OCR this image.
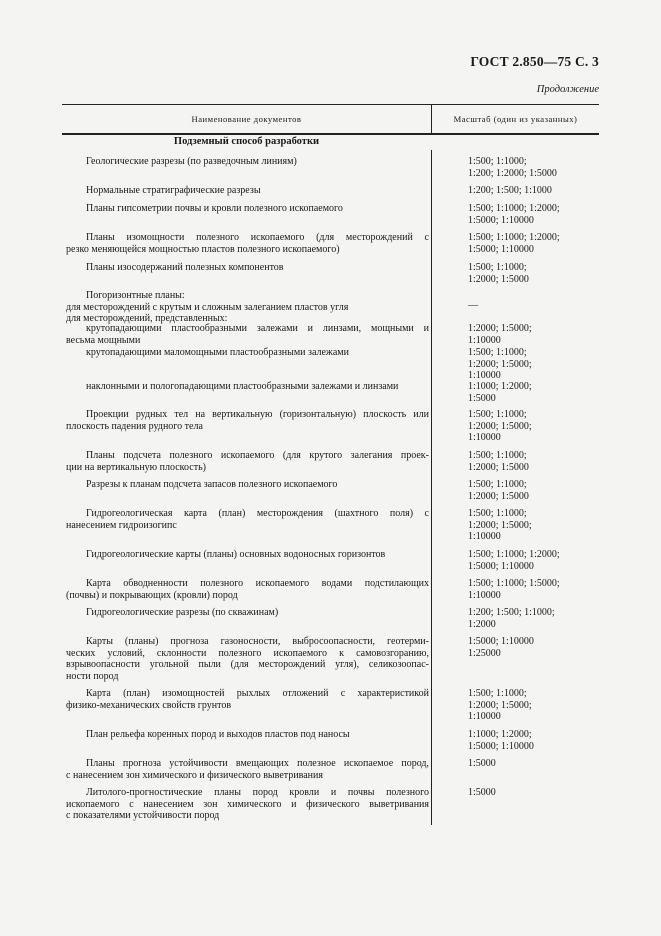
ГОСТ 2.850—75 С. 3
Продолжение
Наименование документов	Масштаб (один из указанных)
Подземный способ разработки
Геологические разрезы (по разведочным линиям)	1:500; 1:1000;
1:200; 1:2000; 1:5000
Нормальные стратиграфические разрезы	1:200; 1:500; 1:1000
Планы гипсометрии почвы и кровли полезного ископаемого	1:500; 1:1000; 1:2000;
1:5000; 1:10000
Планы изомощности полезного ископаемого (для месторождений с
резко меняющейся мощностью пластов полезного ископаемого)
1:500; 1:1000; 1:2000;
1:5000; 1:10000
Планы изосодержаний полезных компонентов	1:500; 1:1000;
1:2000; 1:5000
Погоризонтные планы:
для месторождений с крутым и сложным залеганием пластов угля
для месторождений, представленных:
—
крутопадающими пластообразными залежами и линзами, мощными и
весьма мощными
1:2000; 1:5000;
1:10000
крутопадающими маломощными пластообразными залежами	1:500; 1:1000;
1:2000; 1:5000;
1:10000
наклонными и пологопадающими пластообразными залежами и линзами	1:1000; 1:2000;
1:5000
Проекции рудных тел на вертикальную (горизонтальную) плоскость или
плоскость падения рудного тела
1:500; 1:1000;
1:2000; 1:5000;
1:10000
Планы подсчета полезного ископаемого (для крутого залегания проек-
ции на вертикальную плоскость)
1:500; 1:1000;
1:2000; 1:5000
Разрезы к планам подсчета запасов полезного ископаемого	1:500; 1:1000;
1:2000; 1:5000
Гидрогеологическая карта (план) месторождения (шахтного поля) с
нанесением гидроизогипс
1:500; 1:1000;
1:2000; 1:5000;
1:10000
Гидрогеологические карты (планы) основных водоносных горизонтов	1:500; 1:1000; 1:2000;
1:5000; 1:10000
Карта обводненности полезного ископаемого водами подстилающих
(почвы) и покрывающих (кровли) пород
1:500; 1:1000; 1:5000;
1:10000
Гидрогеологические разрезы (по скважинам)	1:200; 1:500; 1:1000;
1:2000
Карты (планы) прогноза газоносности, выбросоопасности, геотерми-
ческих условий, склонности полезного ископаемого к самовозгоранию,
взрывоопасности угольной пыли (для месторождений угля), селикозоопас-
ности пород
1:5000; 1:10000
1:25000
Карта (план) изомощностей рыхлых отложений с характеристикой
физико-механических свойств грунтов
1:500; 1:1000;
1:2000; 1:5000;
1:10000
План рельефа коренных пород и выходов пластов под наносы	1:1000; 1:2000;
1:5000; 1:10000
Планы прогноза устойчивости вмещающих полезное ископаемое пород,
с нанесением зон химического и физического выветривания
1:5000
Литолого-прогностические планы пород кровли и почвы полезного
ископаемого с нанесением зон химического и физического выветривания
с показателями устойчивости пород
1:5000
